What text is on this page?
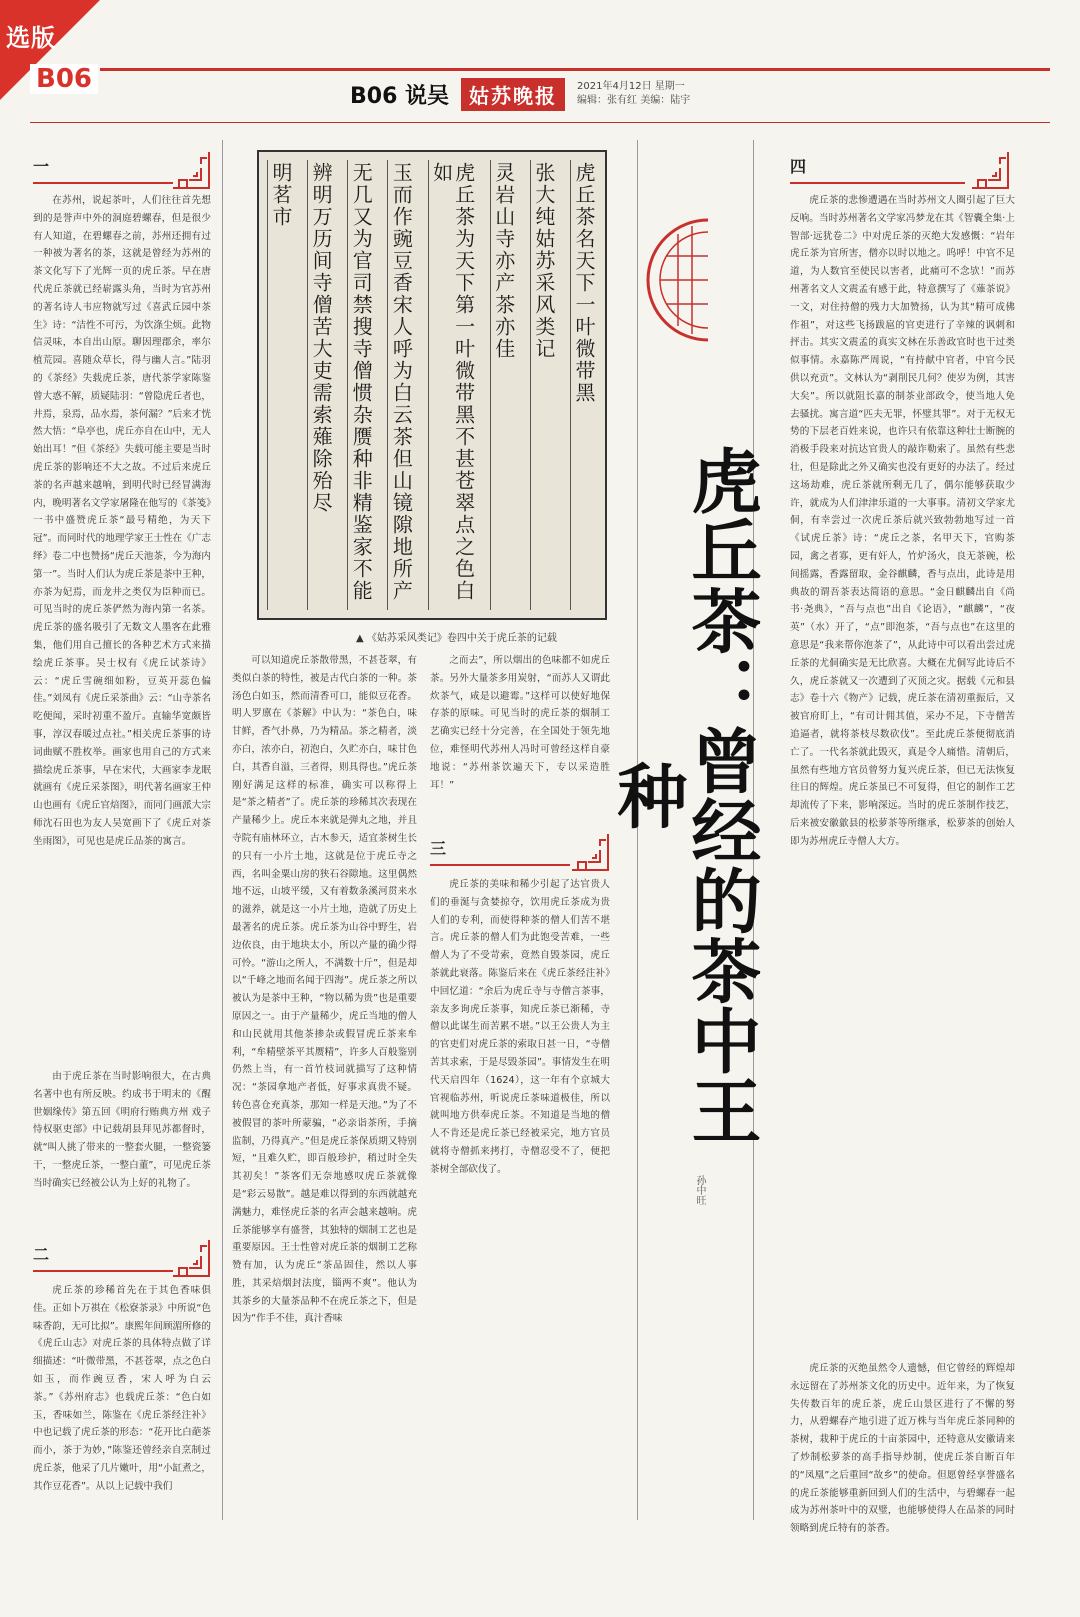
选版
B06
B06 说吴	姑苏晚报	2021年4月12日 星期一
编辑：张有红 美编：陆宇
一

在苏州，说起茶叶，人们往往首先想到的是誉声中外的洞庭碧螺春，但是很少有人知道，在碧螺春之前，苏州还拥有过一种被为著名的茶，这就是曾经为苏州的茶文化写下了光辉一页的虎丘茶。早在唐代虎丘茶就已经崭露头角，当时为官苏州的著名诗人韦应物就写过《喜武丘园中茶生》诗：“洁性不可污，为饮涤尘烦。此物信灵味，本自出山原。聊因理郡余，率尔植荒园。喜随众草长，得与幽人言。”陆羽的《茶经》失载虎丘茶，唐代茶学家陈鉴曾大惑不解，质疑陆羽：“曾隐虎丘者也，井焉，泉焉，品水焉，茶何漏？”后来才恍然大悟：“阜亭也，虎丘亦自在山中，无人始出耳！”但《茶经》失载可能主要是当时虎丘茶的影响还不大之故。不过后来虎丘茶的名声越来越响，到明代时已经冒满海内，晚明著名文学家屠隆在他写的《茶笺》一书中盛赞虎丘茶“最号精绝，为天下冠”。而同时代的地理学家王士性在《广志绎》卷二中也赞扬“虎丘天池茶，今为海内第一”。当时人们认为虎丘茶是茶中王种，亦茶为妃焉，而龙井之类仅为臣种而已。可见当时的虎丘茶俨然为海内第一名茶。虎丘茶的盛名吸引了无数文人墨客在此雅集，他们用自己擅长的各种艺术方式来描绘虎丘茶事。吴士权有《虎丘试茶诗》云：“虎丘雪碗细如粉，豆英开蕊色偏佳。”刘凤有《虎丘采茶曲》云：“山寺茶名吃便闻，采时初重不盈斤。直输华宽颇皆事，淳汉春暖过点社。”相关虎丘茶事的诗词曲赋不胜枚举。画家也用自己的方式来描绘虎丘茶事，早在宋代，大画家李龙眠就画有《虎丘采茶图》，明代著名画家王仲山也画有《虎丘官焙图》，而同门画派大宗师沈石田也为友人吴宽画下了《虎丘对茶坐雨图》，可见也是虎丘品茶的寓言。

由于虎丘茶在当时影响很大，在古典名著中也有所反映。约成书于明末的《醒世姻缘传》第五回《明府行贿典方州 戏子恃权驱吏部》中记载胡县拜见苏都督时，就“叫人挑了带来的一整套火腿，一整瓷篓干，一整虎丘茶，一整白董”，可见虎丘茶当时确实已经被公认为上好的礼物了。

二

虎丘茶的珍稀首先在于其色香味俱佳。正如卜万祺在《松寮茶录》中所说“色味香韵，无可比拟”。康熙年间顾湄所修的《虎丘山志》对虎丘茶的具体特点做了详细描述：“叶微带黑，不甚苍翠，点之色白如玉，而作豌豆香，宋人呼为白云茶。”《苏州府志》也载虎丘茶：“色白如玉，香味如兰，陈鉴在《虎丘茶经注补》中也记载了虎丘茶的形态：“花开比白葩茶而小，茶于为妙，”陈鉴还曾经亲自烹制过虎丘茶，他采了几片嫩叶，用“小缸煮之，其作豆花香”。从以上记载中我们

虎丘茶名天下一叶微带黑
张大纯姑苏采风类记
灵岩山寺亦产茶亦佳
虎丘茶为天下第一叶微带黑不甚苍翠点之色白如
玉而作豌豆香宋人呼为白云茶但山镜隙地所产
无几又为官司禁搜寺僧惯杂赝种非精鉴家不能
辨明万历间寺僧苦大吏需索薙除殆尽
明茗市
▲ 《姑苏采风类记》卷四中关于虎丘茶的记载

可以知道虎丘茶散带黑，不甚苍翠，有类似白茶的特性，被是古代白茶的一种。茶汤色白如玉，然而清香可口，能似豆花香。明人罗廪在《茶解》中认为：“茶色白，味甘鲜，香气扑鼻，乃为精品。茶之精者，淡亦白，浓亦白，初泡白，久贮亦白，味甘色白，其香自溢，三者得，则具得也。”虎丘茶刚好满足这样的标准，确实可以称得上是“茶之精者”了。虎丘茶的珍稀其次表现在产量稀少上。虎丘本来就是弹丸之地，并且寺院有庙林环立，古木参天，适宜茶树生长的只有一小片土地，这就是位于虎丘寺之西，名叫金粟山房的狭石谷隙地。这里偶然地不远，山坡平缓，又有着数条溪河贯来水的滋养，就是这一小片土地，造就了历史上最著名的虎丘茶。虎丘茶为山谷中野生，岩边依良，由于地块太小，所以产量的确少得可怜。“游山之所人，不满数十斤”，但是却以“千峰之地而名闻于四海”。虎丘茶之所以被认为是茶中王种，“物以稀为贵”也是重要原因之一。由于产量稀少，虎丘当地的僧人和山民就用其他茶掺杂或假冒虎丘茶来牟利，“牟精壁茶平其赝精”，许多人百般鉴别仍然上当，有一首竹枝词就描写了这种情况：“茶园拿地产者低，好事求真贵不疑。转色喜仓充真茶，那知一样是天池。”为了不被假冒的茶叶所蒙骗，“必亲诣茶所，手摘监制，乃得真产。”但是虎丘茶保质期又特别短，“且难久贮，即百般珍护，稍过时全失其初矣！”茶客们无奈地感叹虎丘茶就像是“彩云易散”。越是难以得到的东西就越充满魅力，难怪虎丘茶的名声会越来越响。虎丘茶能够享有盛誉，其独特的烟制工艺也是重要原因。王士性曾对虎丘茶的烟制工艺称赞有加，认为虎丘“茶品固佳，然以人事胜，其采焙烟封法度，锱两不爽”。他认为其茶乡的大量茶品种不在虎丘茶之下，但是因为“作手不佳，真汁香味

之而去”，所以烟出的色味都不如虎丘茶。另外大量茶多用炭射，“而苏人又谓此炊茶气，咸是以避霉。”这样可以使好地保存茶的原味。可见当时的虎丘茶的烟制工艺确实已经十分完善，在全国处于领先地位，难怪明代苏州人冯时可曾经这样自豪地说：“苏州茶饮遍天下，专以采造胜耳！”

三

虎丘茶的美味和稀少引起了达官贵人们的垂涎与贪婪掠夺，饮用虎丘茶成为贵人们的专利，而使得种茶的僧人们苦不堪言。虎丘茶的僧人们为此饱受苦难，一些僧人为了不受苛索，竟然自毁茶园，虎丘茶就此衰落。陈鉴后来在《虎丘茶经注补》中回忆道：“余后为虎丘寺与寺僧言茶事，亲友多询虎丘茶事，知虎丘茶已渐稀，寺僧以此谋生而苦累不堪。”以王公贵人为主的官吏们对虎丘茶的索取日甚一日，“寺僧苦其求索，于是尽毁茶园”。事情发生在明代天启四年（1624），这一年有个京城大官视临苏州，听说虎丘茶味道极佳，所以就叫地方供奉虎丘茶。不知道是当地的僧人不肯还是虎丘茶已经被采完，地方官员就将寺僧抓来拷打，寺僧忍受不了，便把茶树全部砍伐了。

虎丘茶：曾经的茶中王种
孙中旺
四

虎丘茶的悲惨遭遇在当时苏州文人圈引起了巨大反响。当时苏州著名文学家冯梦龙在其《智囊全集·上智部·远犹卷二》中对虎丘茶的灭绝大发感慨：“岩年虎丘茶为官所害，僧亦以时以地之。呜呼！中官不足道，为人数官至使民以害者，此痛可不念欤！”而苏州著名文人文震孟有感于此，特意撰写了《薙茶说》一文，对住持僧的残力大加赞扬，认为其“精可成佛作祖”，对这些飞扬跋扈的官吏进行了辛辣的讽刺和抨击。其实文震孟的真实文林在乐善政官时也干过类似事情。永嘉陈严周说，“有持献中官者，中官今民供以充贡”。文林认为“剥削民几何？使岁为例，其害大矣”。所以就阻长嘉的制茶业部政令，使当地人免去骚扰。寓言道“匹夫无罪，怀璧其罪”。对于无权无势的下层老百姓来说，也许只有依靠这种壮士断腕的消极手段来对抗达官贵人的敲诈勒索了。虽然有些悲壮，但是除此之外又确实也没有更好的办法了。经过这场劫难，虎丘茶就所剩无几了，偶尔能够获取少许，就成为人们津津乐道的一大事事。清初文学家尤侗，有幸尝过一次虎丘茶后就兴致勃勃地写过一首《试虎丘茶》诗：“虎丘之茶，名甲天下，官购茶园，禽之者寡，更有奸人，竹炉汤火，良无茶碗，松间摇露，香露留取，金谷麒麟，香与点出，此诗是用典故的谓吾茶表达简语的意思。“金日麒麟出自《尚书·尧典》，“吾与点也”出自《论语》，“麒麟”，“夜英”（水）开了，“点”即泡茶，“吾与点也”在这里的意思是“我来帮你泡茶了”，从此诗中可以看出尝过虎丘茶的尤侗确实是无比欣喜。大概在尤侗写此诗后不久，虎丘茶就又一次遭到了灭顶之灾。据载《元和县志》卷十六《物产》记载，虎丘茶在清初重振后，又被官府盯上，“有司计佣其值，采办不足，下寺僧苦追逼者，就将茶枝尽数砍伐”。至此虎丘茶便彻底消亡了。一代名茶就此毁灭，真是令人痛惜。清朝后，虽然有些地方官员曾努力复兴虎丘茶，但已无法恢复往日的辉煌。虎丘茶虽已不可复得，但它的制作工艺却流传了下来，影响深远。当时的虎丘茶制作技艺，后来被安徽歙县的松萝茶等所继承，松萝茶的创始人即为苏州虎丘寺僧人大方。

虎丘茶的灭绝虽然令人遗憾，但它曾经的辉煌却永远留在了苏州茶文化的历史中。近年来，为了恢复失传数百年的虎丘茶，虎丘山景区进行了不懈的努力，从碧螺春产地引进了近万株与当年虎丘茶同种的茶树，栽种于虎丘的十亩茶园中，还特意从安徽请来了炒制松萝茶的高手指导炒制，使虎丘茶自断百年的“凤凰”之后重回“故乡”的使命。但愿曾经享誉盛名的虎丘茶能够重新回到人们的生活中，与碧螺春一起成为苏州茶叶中的双璧，也能够使得人在品茶的同时领略到虎丘特有的茶香。
